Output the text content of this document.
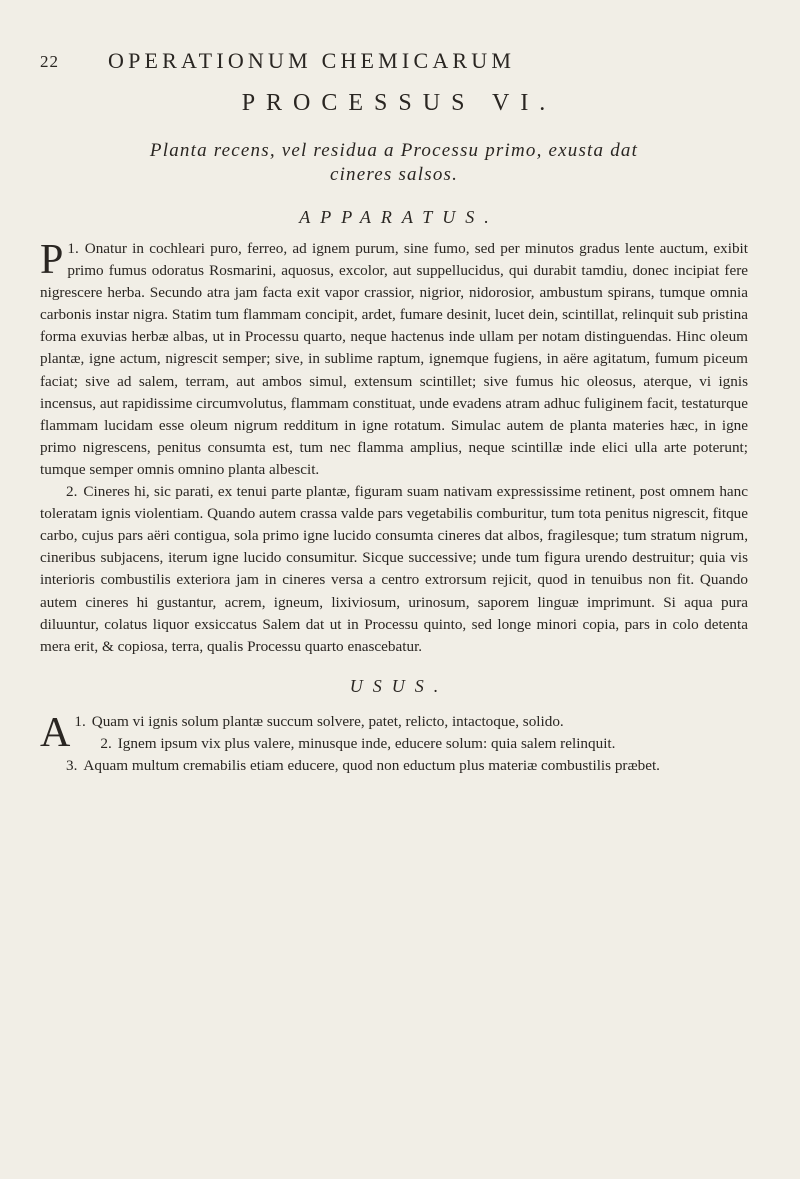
22 OPERATIONUM CHEMICARUM
PROCESSUS VI.
Planta recens, vel residua a Processu primo, exusta dat
cineres salsos.
APPARATUS.

1.
P Onatur in cochleari puro, ferreo, ad ignem purum, sine fumo, sed per minutos gradus lente auctum, exibit primo fumus odoratus Rosmarini, aquosus, excolor, aut suppellucidus, qui durabit tamdiu, donec incipiat fere nigrescere herba. Secundo atra jam facta exit vapor crassior, nigrior, nidorosior, ambustum spirans, tumque omnia carbonis instar nigra. Statim tum flammam concipit, ardet, fumare desinit, lucet dein, scintillat, relinquit sub pristina forma exuvias herbæ albas, ut in Processu quarto, neque hactenus inde ullam per notam distinguendas. Hinc oleum plantæ, igne actum, nigrescit semper; sive, in sublime raptum, ignemque fugiens, in aëre agitatum, fumum piceum faciat; sive ad salem, terram, aut ambos simul, extensum scintillet; sive fumus hic oleosus, aterque, vi ignis incensus, aut rapidissime circumvolutus, flammam constituat, unde evadens atram adhuc fuliginem facit, testaturque flammam lucidam esse oleum nigrum redditum in igne rotatum. Simulac autem de planta materies hæc, in igne primo nigrescens, penitus consumta est, tum nec flamma amplius, neque scintillæ inde elici ulla arte poterunt; tumque semper omnis omnino planta albescit.

2. Cineres hi, sic parati, ex tenui parte plantæ, figuram suam nativam expressissime retinent, post omnem hanc toleratam ignis violentiam. Quando autem crassa valde pars vegetabilis comburitur, tum tota penitus nigrescit, fitque carbo, cujus pars aëri contigua, sola primo igne lucido consumta cineres dat albos, fragilesque; tum stratum nigrum, cineribus subjacens, iterum igne lucido consumitur. Sicque successive; unde tum figura urendo destruitur; quia vis interioris combustilis exteriora jam in cineres versa a centro extrorsum rejicit, quod in tenuibus non fit. Quando autem cineres hi gustantur, acrem, igneum, lixiviosum, urinosum, saporem linguæ imprimunt. Si aqua pura diluuntur, colatus liquor exsiccatus Salem dat ut in Processu quinto, sed longe minori copia, pars in colo detenta mera erit, & copiosa, terra, qualis Processu quarto enascebatur.

USUS.

1.
A Quam vi ignis solum plantæ succum solvere, patet, relicto, intactoque, solido.

2. Ignem ipsum vix plus valere, minusque inde, educere solum: quia salem relinquit.

3. Aquam multum cremabilis etiam educere, quod non eductum plus materiæ combustilis præbet.
